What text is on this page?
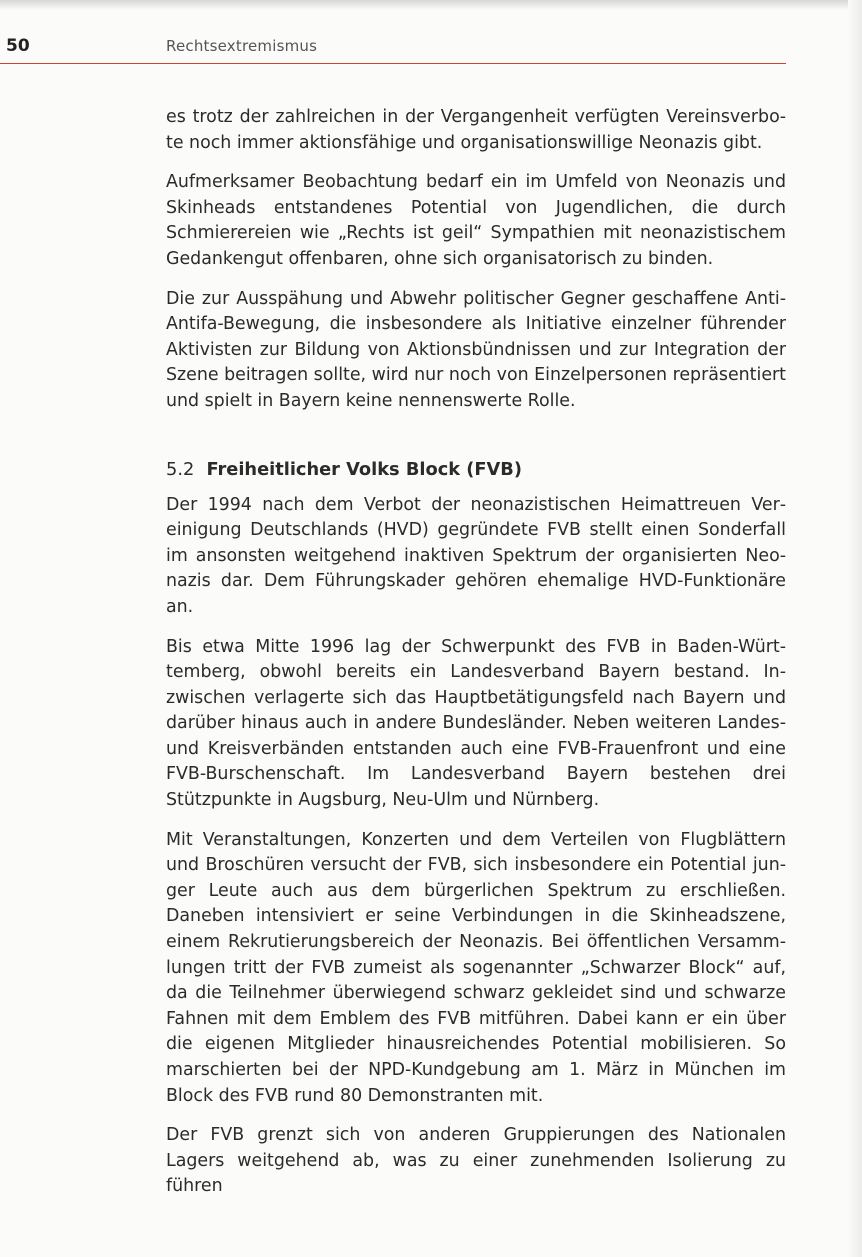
50	Rechtsextremismus

es trotz der zahlreichen in der Vergangenheit verfügten Vereinsverbote noch immer aktionsfähige und organisationswillige Neonazis gibt.

Aufmerksamer Beobachtung bedarf ein im Umfeld von Neonazis und Skinheads entstandenes Potential von Jugendlichen, die durch Schmierereien wie „Rechts ist geil“ Sympathien mit neonazistischem Gedankengut offenbaren, ohne sich organisatorisch zu binden.

Die zur Ausspähung und Abwehr politischer Gegner geschaffene Anti-Antifa-Bewegung, die insbesondere als Initiative einzelner führender Aktivisten zur Bildung von Aktionsbündnissen und zur Integration der Szene beitragen sollte, wird nur noch von Einzelpersonen repräsentiert und spielt in Bayern keine nennenswerte Rolle.

5.2 Freiheitlicher Volks Block (FVB)

Der 1994 nach dem Verbot der neonazistischen Heimattreuen Vereinigung Deutschlands (HVD) gegründete FVB stellt einen Sonderfall im ansonsten weitgehend inaktiven Spektrum der organisierten Neonazis dar. Dem Führungskader gehören ehemalige HVD-Funktionäre an.

Bis etwa Mitte 1996 lag der Schwerpunkt des FVB in Baden-Württemberg, obwohl bereits ein Landesverband Bayern bestand. Inzwischen verlagerte sich das Hauptbetätigungsfeld nach Bayern und darüber hinaus auch in andere Bundesländer. Neben weiteren Landes- und Kreisverbänden entstanden auch eine FVB-Frauenfront und eine FVB-Burschenschaft. Im Landesverband Bayern bestehen drei Stützpunkte in Augsburg, Neu-Ulm und Nürnberg.

Mit Veranstaltungen, Konzerten und dem Verteilen von Flugblättern und Broschüren versucht der FVB, sich insbesondere ein Potential junger Leute auch aus dem bürgerlichen Spektrum zu erschließen. Daneben intensiviert er seine Verbindungen in die Skinheadszene, einem Rekrutierungsbereich der Neonazis. Bei öffentlichen Versammlungen tritt der FVB zumeist als sogenannter „Schwarzer Block“ auf, da die Teilnehmer überwiegend schwarz gekleidet sind und schwarze Fahnen mit dem Emblem des FVB mitführen. Dabei kann er ein über die eigenen Mitglieder hinausreichendes Potential mobilisieren. So marschierten bei der NPD-Kundgebung am 1. März in München im Block des FVB rund 80 Demonstranten mit.

Der FVB grenzt sich von anderen Gruppierungen des Nationalen Lagers weitgehend ab, was zu einer zunehmenden Isolierung zu führen
